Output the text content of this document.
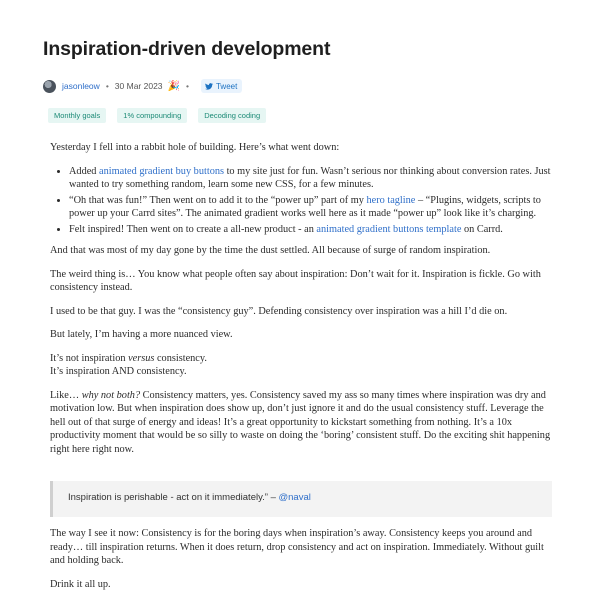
Inspiration-driven development
jasonleow • 30 Mar 2023 🎉 •	Tweet
Monthly goals	1% compounding	Decoding coding

Yesterday I fell into a rabbit hole of building. Here’s what went down:

• Added animated gradient buy buttons to my site just for fun. Wasn’t serious nor thinking about conversion rates. Just wanted to try something random, learn some new CSS, for a few minutes.
• “Oh that was fun!” Then went on to add it to the “power up” part of my hero tagline – “Plugins, widgets, scripts to power up your Carrd sites”. The animated gradient works well here as it made “power up” look like it’s charging.
• Felt inspired! Then went on to create a all-new product - an animated gradient buttons template on Carrd.

And that was most of my day gone by the time the dust settled. All because of surge of random inspiration.

The weird thing is… You know what people often say about inspiration: Don’t wait for it. Inspiration is fickle. Go with consistency instead.

I used to be that guy. I was the “consistency guy”. Defending consistency over inspiration was a hill I’d die on.

But lately, I’m having a more nuanced view.

It’s not inspiration versus consistency.
It’s inspiration AND consistency.

Like… why not both? Consistency matters, yes. Consistency saved my ass so many times where inspiration was dry and motivation low. But when inspiration does show up, don’t just ignore it and do the usual consistency stuff. Leverage the hell out of that surge of energy and ideas! It’s a great opportunity to kickstart something from nothing. It’s a 10x productivity moment that would be so silly to waste on doing the ‘boring’ consistent stuff. Do the exciting shit happening right here right now.

Inspiration is perishable - act on it immediately.” – @naval

The way I see it now: Consistency is for the boring days when inspiration’s away. Consistency keeps you around and ready… till inspiration returns. When it does return, drop consistency and act on inspiration. Immediately. Without guilt and holding back.

Drink it all up.
